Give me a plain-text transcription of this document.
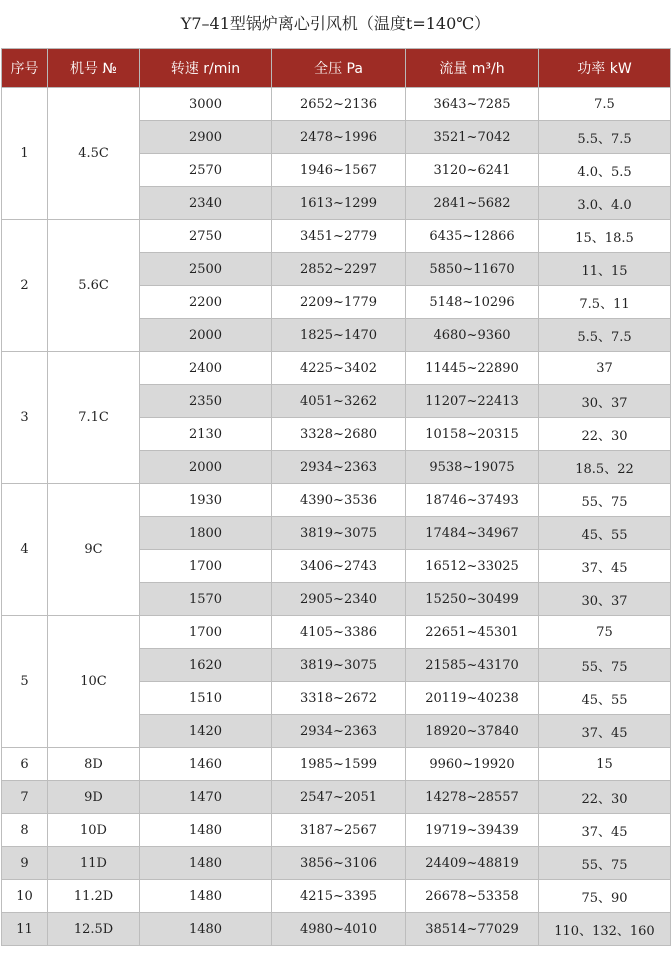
Y7–41型锅炉离心引风机（温度t=140℃）
序号	机号 №	转速 r/min	全压 Pa	流量 m³/h	功率 kW
1	4.5C	3000	2652~2136	3643~7285	7.5
		2900	2478~1996	3521~7042	5.5、7.5
		2570	1946~1567	3120~6241	4.0、5.5
		2340	1613~1299	2841~5682	3.0、4.0
2	5.6C	2750	3451~2779	6435~12866	15、18.5
		2500	2852~2297	5850~11670	11、15
		2200	2209~1779	5148~10296	7.5、11
		2000	1825~1470	4680~9360	5.5、7.5
3	7.1C	2400	4225~3402	11445~22890	37
		2350	4051~3262	11207~22413	30、37
		2130	3328~2680	10158~20315	22、30
		2000	2934~2363	9538~19075	18.5、22
4	9C	1930	4390~3536	18746~37493	55、75
		1800	3819~3075	17484~34967	45、55
		1700	3406~2743	16512~33025	37、45
		1570	2905~2340	15250~30499	30、37
5	10C	1700	4105~3386	22651~45301	75
		1620	3819~3075	21585~43170	55、75
		1510	3318~2672	20119~40238	45、55
		1420	2934~2363	18920~37840	37、45
6	8D	1460	1985~1599	9960~19920	15
7	9D	1470	2547~2051	14278~28557	22、30
8	10D	1480	3187~2567	19719~39439	37、45
9	11D	1480	3856~3106	24409~48819	55、75
10	11.2D	1480	4215~3395	26678~53358	75、90
11	12.5D	1480	4980~4010	38514~77029	110、132、160
